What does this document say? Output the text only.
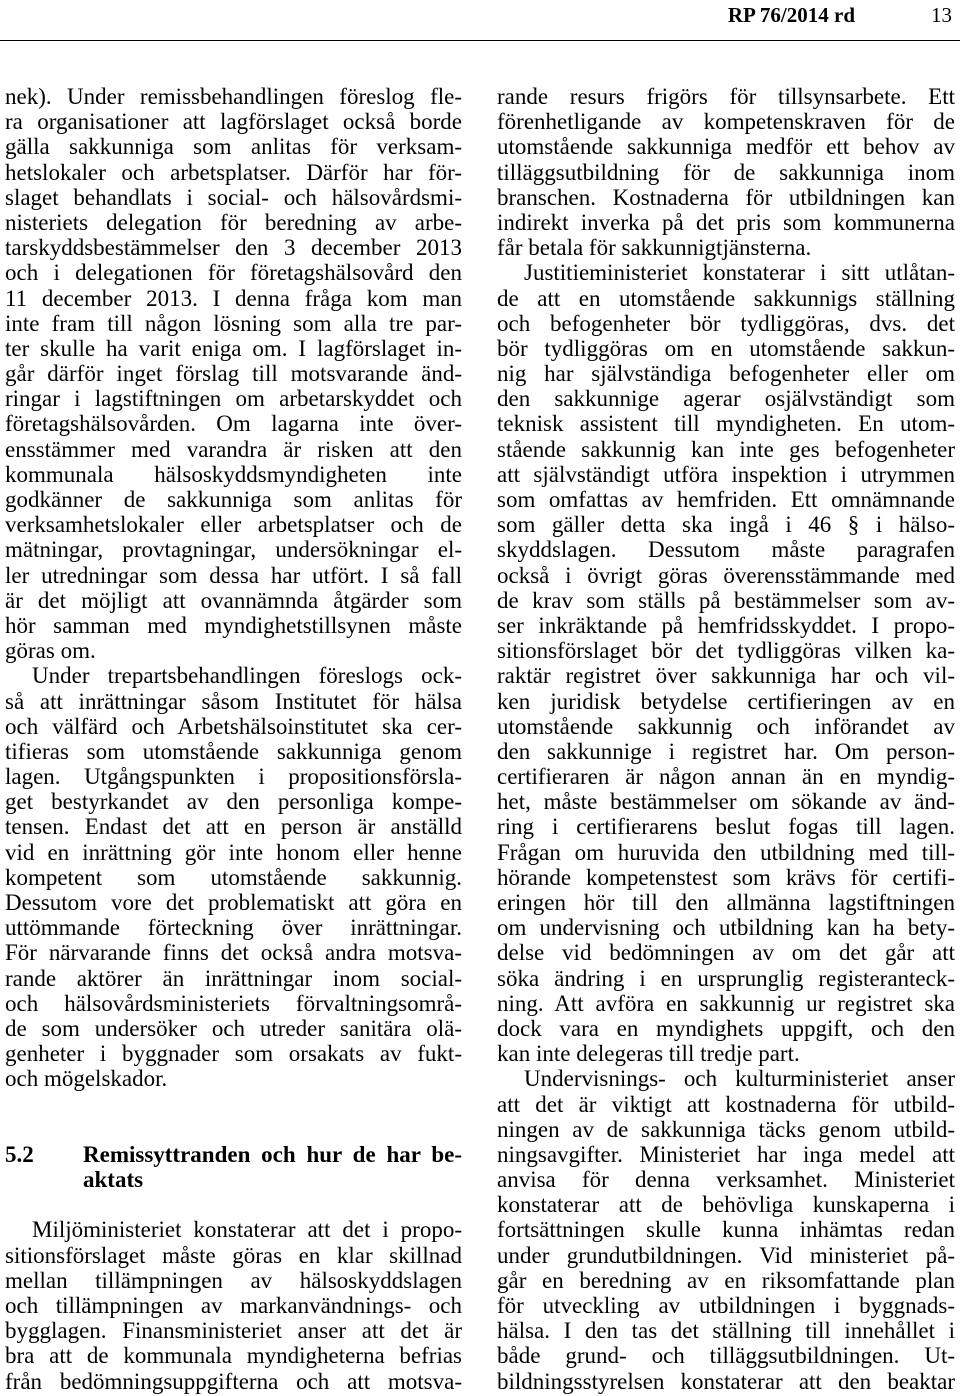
RP 76/2014 rd	13
nek). Under remissbehandlingen föreslog fle-
ra organisationer att lagförslaget också borde
gälla sakkunniga som anlitas för verksam-
hetslokaler och arbetsplatser. Därför har för-
slaget behandlats i social- och hälsovårdsmi-
nisteriets delegation för beredning av arbe-
tarskyddsbestämmelser den 3 december 2013
och i delegationen för företagshälsovård den
11 december 2013. I denna fråga kom man
inte fram till någon lösning som alla tre par-
ter skulle ha varit eniga om. I lagförslaget in-
går därför inget förslag till motsvarande änd-
ringar i lagstiftningen om arbetarskyddet och
företagshälsovården. Om lagarna inte över-
ensstämmer med varandra är risken att den
kommunala hälsoskyddsmyndigheten inte
godkänner de sakkunniga som anlitas för
verksamhetslokaler eller arbetsplatser och de
mätningar, provtagningar, undersökningar el-
ler utredningar som dessa har utfört. I så fall
är det möjligt att ovannämnda åtgärder som
hör samman med myndighetstillsynen måste
göras om.
Under trepartsbehandlingen föreslogs ock-
så att inrättningar såsom Institutet för hälsa
och välfärd och Arbetshälsoinstitutet ska cer-
tifieras som utomstående sakkunniga genom
lagen. Utgångspunkten i propositionsförsla-
get bestyrkandet av den personliga kompe-
tensen. Endast det att en person är anställd
vid en inrättning gör inte honom eller henne
kompetent som utomstående sakkunnig.
Dessutom vore det problematiskt att göra en
uttömmande förteckning över inrättningar.
För närvarande finns det också andra motsva-
rande aktörer än inrättningar inom social-
och hälsovårdsministeriets förvaltningsområ-
de som undersöker och utreder sanitära olä-
genheter i byggnader som orsakats av fukt-
och mögelskador.
5.2	Remissyttranden och hur de har be-
aktats
Miljöministeriet konstaterar att det i propo-
sitionsförslaget måste göras en klar skillnad
mellan tillämpningen av hälsoskyddslagen
och tillämpningen av markanvändnings- och
bygglagen. Finansministeriet anser att det är
bra att de kommunala myndigheterna befrias
från bedömningsuppgifterna och att motsva-
rande resurs frigörs för tillsynsarbete. Ett
förenhetligande av kompetenskraven för de
utomstående sakkunniga medför ett behov av
tilläggsutbildning för de sakkunniga inom
branschen. Kostnaderna för utbildningen kan
indirekt inverka på det pris som kommunerna
får betala för sakkunnigtjänsterna.
Justitieministeriet konstaterar i sitt utlåtan-
de att en utomstående sakkunnigs ställning
och befogenheter bör tydliggöras, dvs. det
bör tydliggöras om en utomstående sakkun-
nig har självständiga befogenheter eller om
den sakkunnige agerar osjälvständigt som
teknisk assistent till myndigheten. En utom-
stående sakkunnig kan inte ges befogenheter
att självständigt utföra inspektion i utrymmen
som omfattas av hemfriden. Ett omnämnande
som gäller detta ska ingå i 46 § i hälso-
skyddslagen. Dessutom måste paragrafen
också i övrigt göras överensstämmande med
de krav som ställs på bestämmelser som av-
ser inkräktande på hemfridsskyddet. I propo-
sitionsförslaget bör det tydliggöras vilken ka-
raktär registret över sakkunniga har och vil-
ken juridisk betydelse certifieringen av en
utomstående sakkunnig och införandet av
den sakkunnige i registret har. Om person-
certifieraren är någon annan än en myndig-
het, måste bestämmelser om sökande av änd-
ring i certifierarens beslut fogas till lagen.
Frågan om huruvida den utbildning med till-
hörande kompetenstest som krävs för certifi-
eringen hör till den allmänna lagstiftningen
om undervisning och utbildning kan ha bety-
delse vid bedömningen av om det går att
söka ändring i en ursprunglig registeranteck-
ning. Att avföra en sakkunnig ur registret ska
dock vara en myndighets uppgift, och den
kan inte delegeras till tredje part.
Undervisnings- och kulturministeriet anser
att det är viktigt att kostnaderna för utbild-
ningen av de sakkunniga täcks genom utbild-
ningsavgifter. Ministeriet har inga medel att
anvisa för denna verksamhet. Ministeriet
konstaterar att de behövliga kunskaperna i
fortsättningen skulle kunna inhämtas redan
under grundutbildningen. Vid ministeriet på-
går en beredning av en riksomfattande plan
för utveckling av utbildningen i byggnads-
hälsa. I den tas det ställning till innehållet i
både grund- och tilläggsutbildningen. Ut-
bildningsstyrelsen konstaterar att den beaktar
